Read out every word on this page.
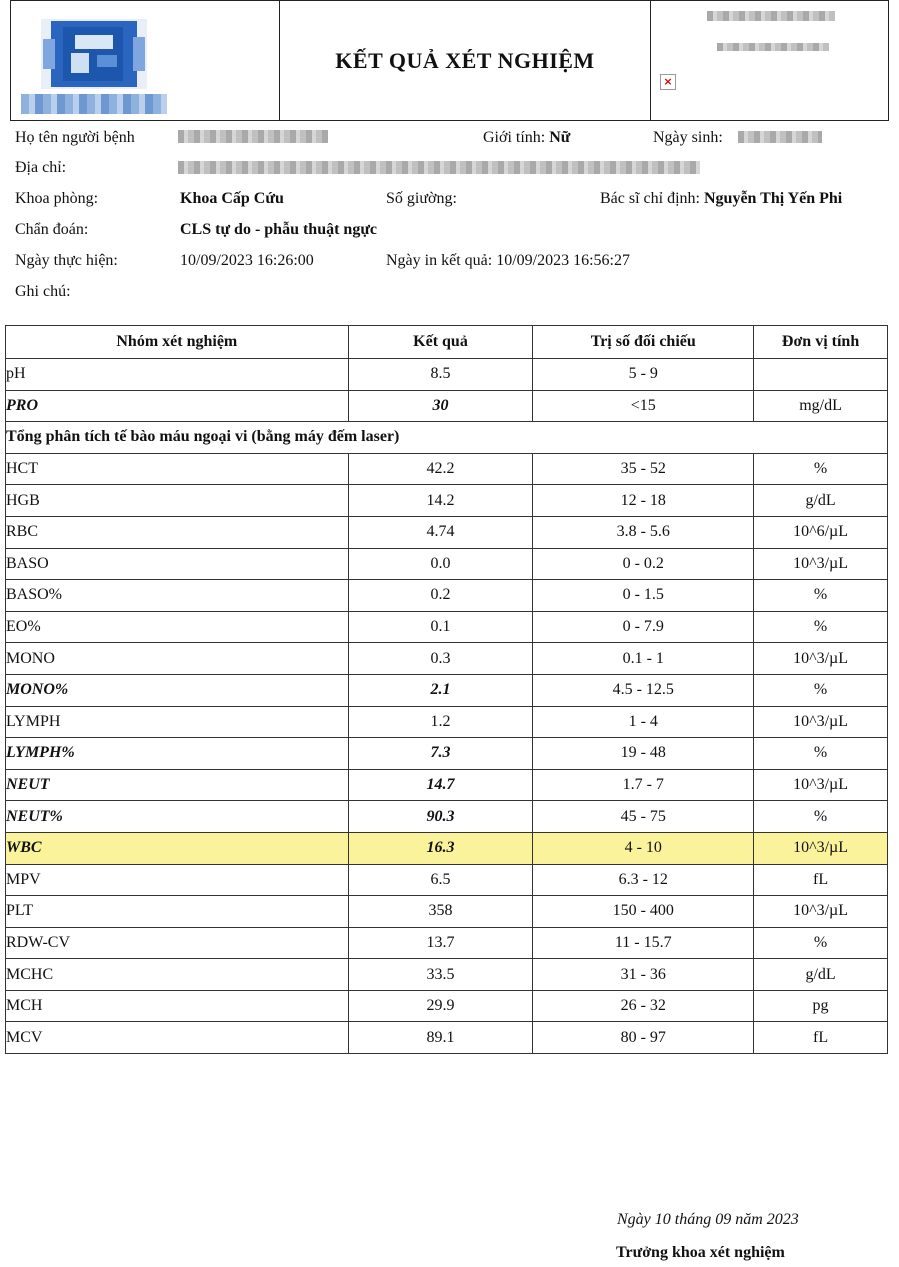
KẾT QUẢ XÉT NGHIỆM
×
Họ tên người bệnh	Giới tính: Nữ	Ngày sinh:
Địa chỉ:
Khoa phòng:	Khoa Cấp Cứu	Số giường:	Bác sĩ chỉ định: Nguyễn Thị Yến Phi
Chẩn đoán:	CLS tự do - phẫu thuật ngực
Ngày thực hiện:	10/09/2023 16:26:00	Ngày in kết quả: 10/09/2023 16:56:27
Ghi chú:
Nhóm xét nghiệm	Kết quả	Trị số đối chiếu	Đơn vị tính
pH	8.5	5 - 9	
PRO	30	<15	mg/dL
Tổng phân tích tế bào máu ngoại vi (bằng máy đếm laser)			
HCT	42.2	35 - 52	%
HGB	14.2	12 - 18	g/dL
RBC	4.74	3.8 - 5.6	10^6/µL
BASO	0.0	0 - 0.2	10^3/µL
BASO%	0.2	0 - 1.5	%
EO%	0.1	0 - 7.9	%
MONO	0.3	0.1 - 1	10^3/µL
MONO%	2.1	4.5 - 12.5	%
LYMPH	1.2	1 - 4	10^3/µL
LYMPH%	7.3	19 - 48	%
NEUT	14.7	1.7 - 7	10^3/µL
NEUT%	90.3	45 - 75	%
WBC	16.3	4 - 10	10^3/µL
MPV	6.5	6.3 - 12	fL
PLT	358	150 - 400	10^3/µL
RDW-CV	13.7	11 - 15.7	%
MCHC	33.5	31 - 36	g/dL
MCH	29.9	26 - 32	pg
MCV	89.1	80 - 97	fL
Ngày 10 tháng 09 năm 2023
Trưởng khoa xét nghiệm
